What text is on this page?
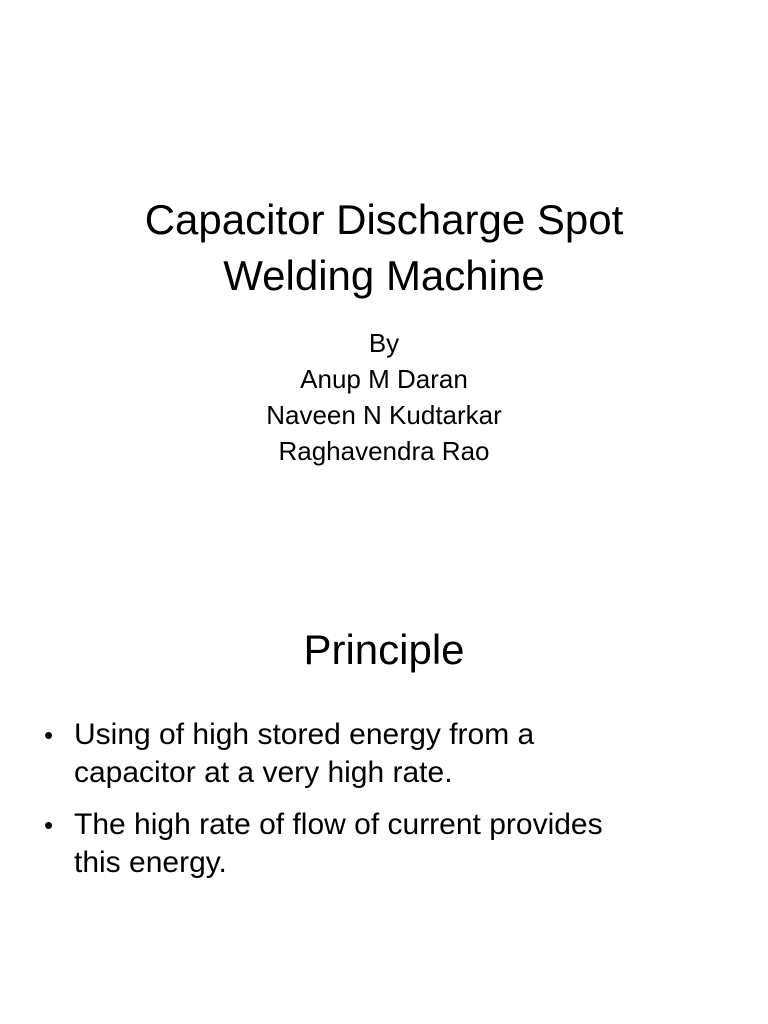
Capacitor Discharge Spot
Welding Machine
By
Anup M Daran
Naveen N Kudtarkar
Raghavendra Rao
Principle
• Using of high stored energy from a
capacitor at a very high rate.
• The high rate of flow of current provides
this energy.
